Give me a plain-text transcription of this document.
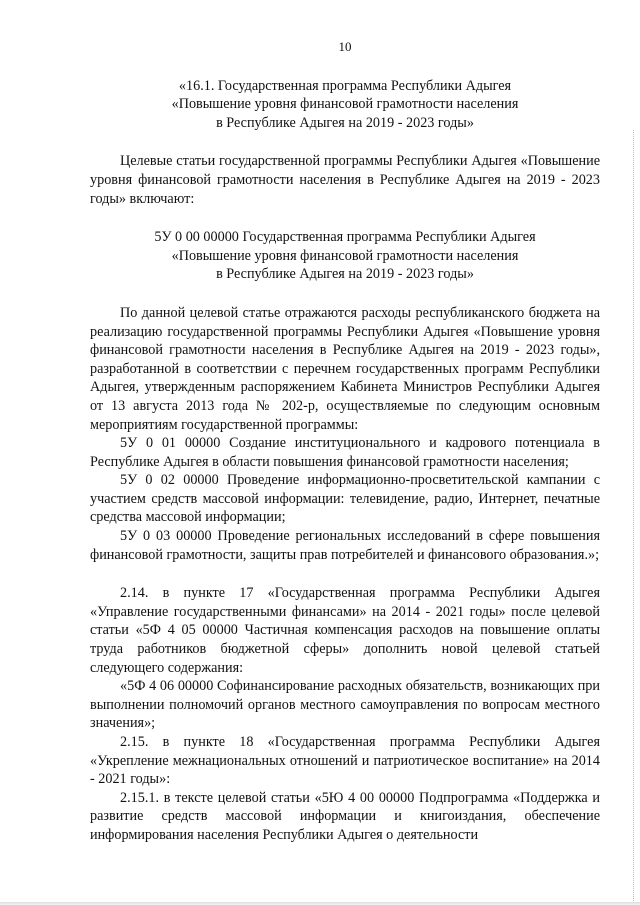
10
«16.1. Государственная программа Республики Адыгея
«Повышение уровня финансовой грамотности населения
в Республике Адыгея на 2019 - 2023 годы»

Целевые статьи государственной программы Республики Адыгея «Повышение уровня финансовой грамотности населения в Республике Адыгея на 2019 - 2023 годы» включают:

5У 0 00 00000 Государственная программа Республики Адыгея
«Повышение уровня финансовой грамотности населения
в Республике Адыгея на 2019 - 2023 годы»

По данной целевой статье отражаются расходы республиканского бюджета на реализацию государственной программы Республики Адыгея «Повышение уровня финансовой грамотности населения в Республике Адыгея на 2019 - 2023 годы», разработанной в соответствии с перечнем государственных программ Республики Адыгея, утвержденным распоряжением Кабинета Министров Республики Адыгея от 13 августа 2013 года № 202-р, осуществляемые по следующим основным мероприятиям государственной программы:

5У 0 01 00000 Создание институционального и кадрового потенциала в Республике Адыгея в области повышения финансовой грамотности населения;

5У 0 02 00000 Проведение информационно-просветительской кампании с участием средств массовой информации: телевидение, радио, Интернет, печатные средства массовой информации;

5У 0 03 00000 Проведение региональных исследований в сфере повышения финансовой грамотности, защиты прав потребителей и финансового образования.»;

2.14. в пункте 17 «Государственная программа Республики Адыгея «Управление государственными финансами» на 2014 - 2021 годы» после целевой статьи «5Ф 4 05 00000 Частичная компенсация расходов на повышение оплаты труда работников бюджетной сферы» дополнить новой целевой статьей следующего содержания:

«5Ф 4 06 00000 Софинансирование расходных обязательств, возникающих при выполнении полномочий органов местного самоуправления по вопросам местного значения»;

2.15. в пункте 18 «Государственная программа Республики Адыгея «Укрепление межнациональных отношений и патриотическое воспитание» на 2014 - 2021 годы»:

2.15.1. в тексте целевой статьи «5Ю 4 00 00000 Подпрограмма «Поддержка и развитие средств массовой информации и книгоиздания, обеспечение информирования населения Республики Адыгея о деятельности
